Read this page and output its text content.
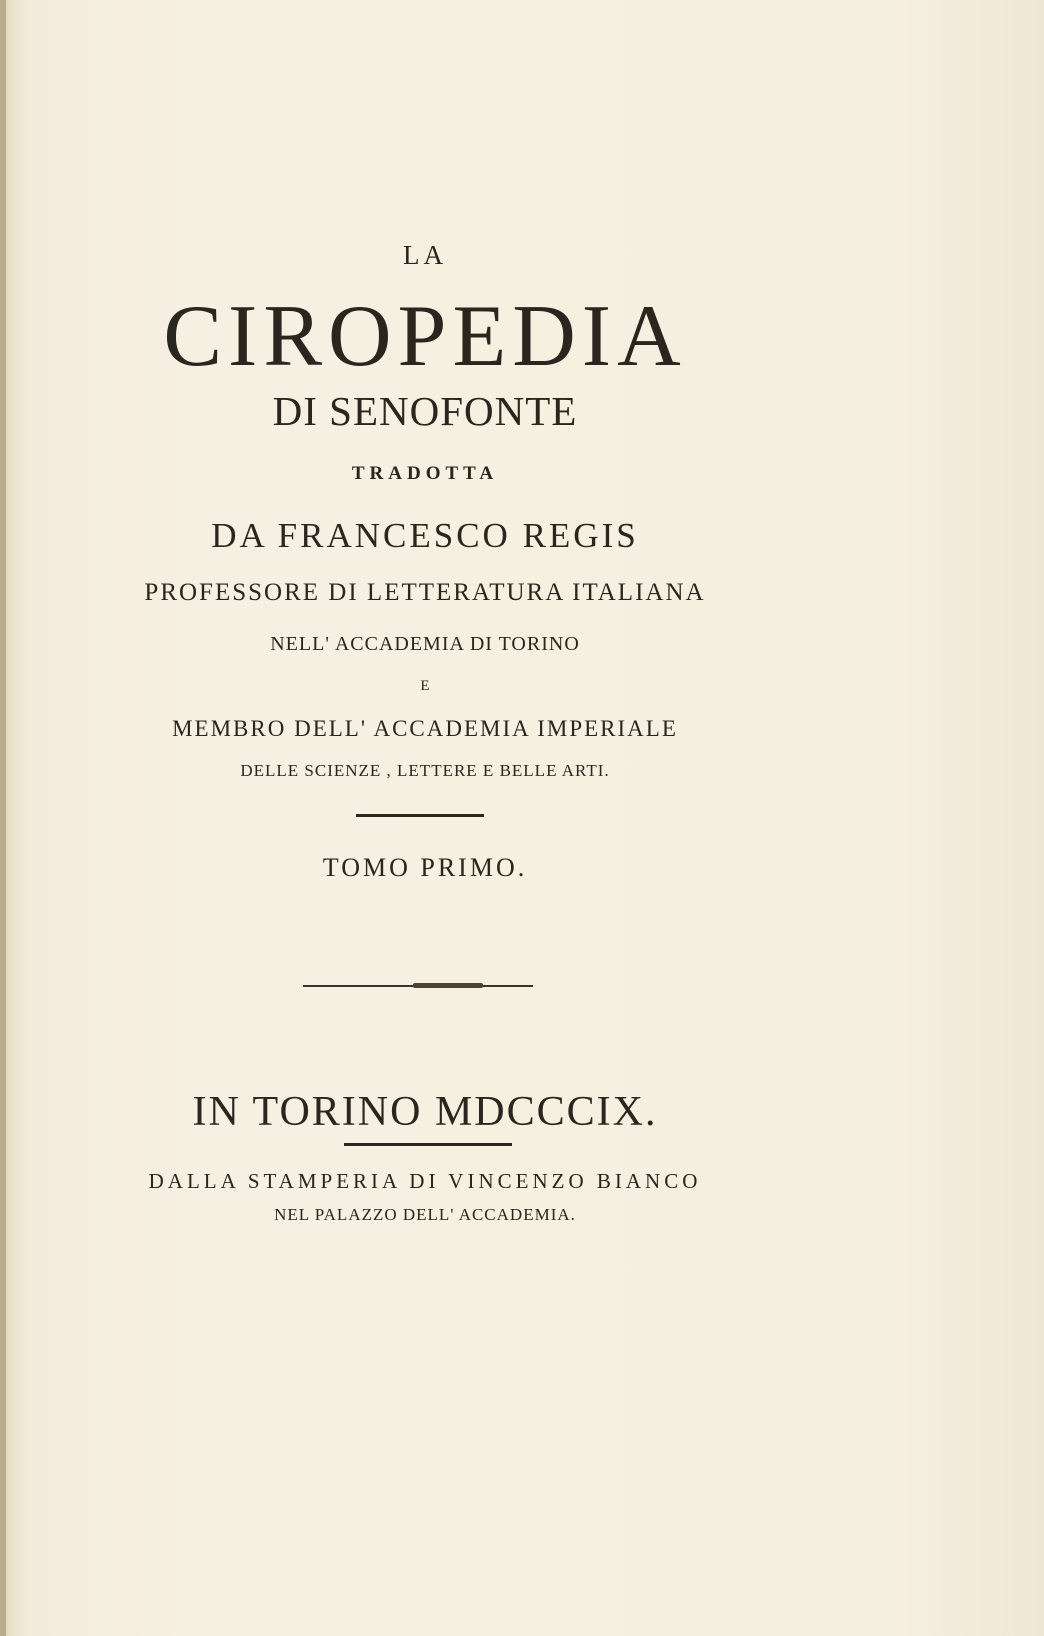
LA
CIROPEDIA
DI SENOFONTE
TRADOTTA
DA FRANCESCO REGIS
PROFESSORE DI LETTERATURA ITALIANA
NELL' ACCADEMIA DI TORINO
E
MEMBRO DELL' ACCADEMIA IMPERIALE
DELLE SCIENZE , LETTERE E BELLE ARTI.
TOMO PRIMO.
IN TORINO MDCCCIX.
DALLA STAMPERIA DI VINCENZO BIANCO
NEL PALAZZO DELL' ACCADEMIA.
